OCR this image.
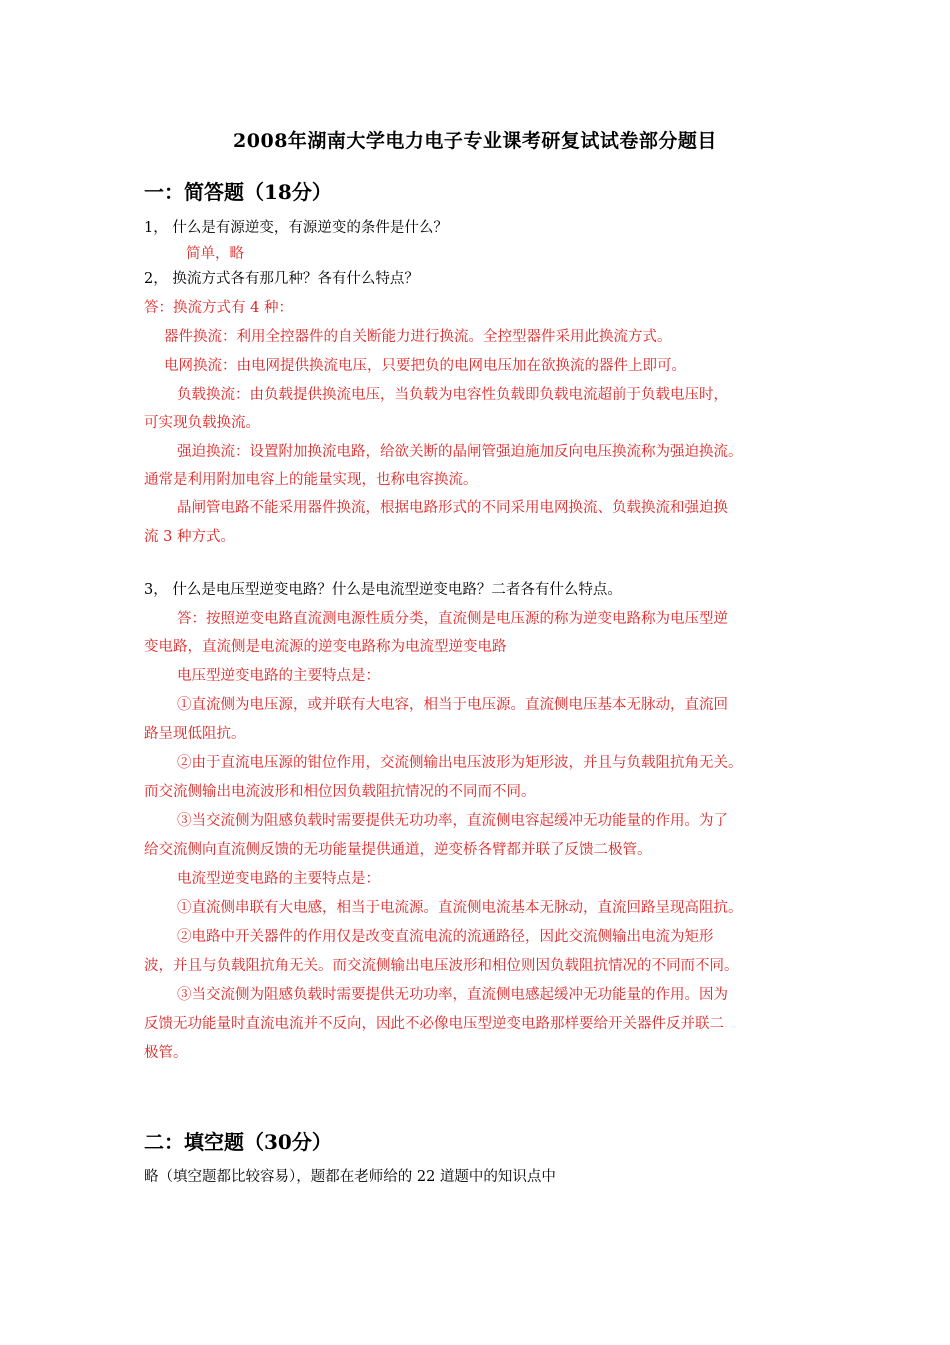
2008年湖南大学电力电子专业课考研复试试卷部分题目
一：简答题（18分）
1， 什么是有源逆变，有源逆变的条件是什么？
简单，略
2， 换流方式各有那几种？各有什么特点？
答：换流方式有 4 种：
器件换流：利用全控器件的自关断能力进行换流。全控型器件采用此换流方式。
电网换流：由电网提供换流电压，只要把负的电网电压加在欲换流的器件上即可。
负载换流：由负载提供换流电压，当负载为电容性负载即负载电流超前于负载电压时，
可实现负载换流。
强迫换流：设置附加换流电路，给欲关断的晶闸管强迫施加反向电压换流称为强迫换流。
通常是利用附加电容上的能量实现，也称电容换流。
晶闸管电路不能采用器件换流，根据电路形式的不同采用电网换流、负载换流和强迫换
流 3 种方式。
3， 什么是电压型逆变电路？什么是电流型逆变电路？二者各有什么特点。
答：按照逆变电路直流测电源性质分类，直流侧是电压源的称为逆变电路称为电压型逆
变电路，直流侧是电流源的逆变电路称为电流型逆变电路
电压型逆变电路的主要特点是：
①直流侧为电压源，或并联有大电容，相当于电压源。直流侧电压基本无脉动，直流回
路呈现低阻抗。
②由于直流电压源的钳位作用，交流侧输出电压波形为矩形波，并且与负载阻抗角无关。
而交流侧输出电流波形和相位因负载阻抗情况的不同而不同。
③当交流侧为阻感负载时需要提供无功功率，直流侧电容起缓冲无功能量的作用。为了
给交流侧向直流侧反馈的无功能量提供通道，逆变桥各臂都并联了反馈二极管。
电流型逆变电路的主要特点是：
①直流侧串联有大电感，相当于电流源。直流侧电流基本无脉动，直流回路呈现高阻抗。
②电路中开关器件的作用仅是改变直流电流的流通路径，因此交流侧输出电流为矩形
波，并且与负载阻抗角无关。而交流侧输出电压波形和相位则因负载阻抗情况的不同而不同。
③当交流侧为阻感负载时需要提供无功功率，直流侧电感起缓冲无功能量的作用。因为
反馈无功能量时直流电流并不反向，因此不必像电压型逆变电路那样要给开关器件反并联二
极管。
二：填空题（30分）
略（填空题都比较容易），题都在老师给的 22 道题中的知识点中
